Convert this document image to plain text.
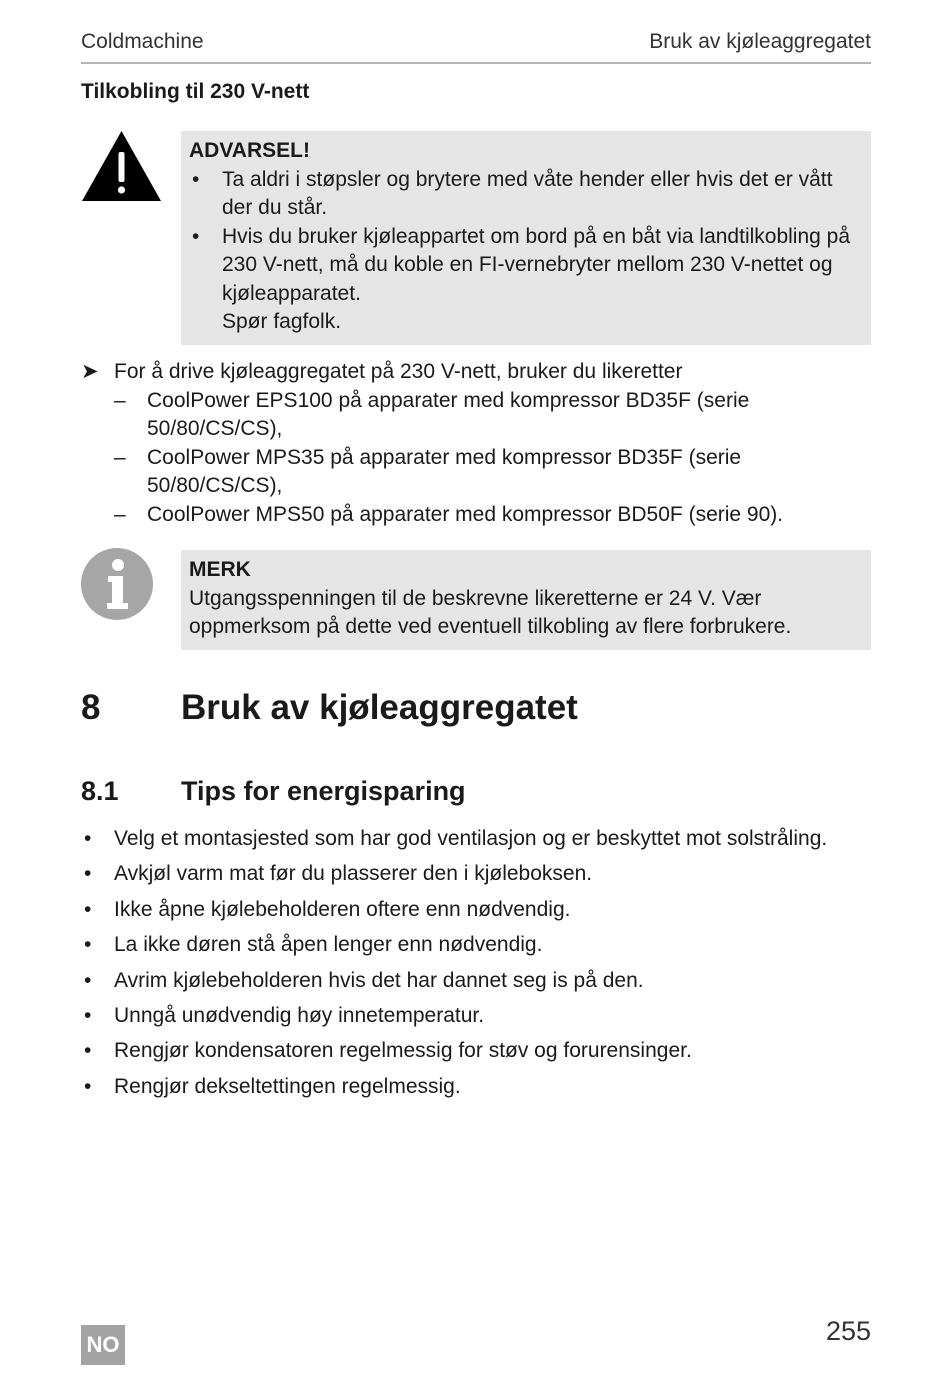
Coldmachine	Bruk av kjøleaggregatet
Tilkobling til 230 V-nett
ADVARSEL!
• Ta aldri i støpsler og brytere med våte hender eller hvis det er vått der du står.
• Hvis du bruker kjøleappartet om bord på en båt via landtilkobling på 230 V-nett, må du koble en FI-vernebryter mellom 230 V-nettet og kjøleapparatet.
Spør fagfolk.
➤ For å drive kjøleaggregatet på 230 V-nett, bruker du likeretter
– CoolPower EPS100 på apparater med kompressor BD35F (serie 50/80/CS/CS),
– CoolPower MPS35 på apparater med kompressor BD35F (serie 50/80/CS/CS),
– CoolPower MPS50 på apparater med kompressor BD50F (serie 90).
MERK
Utgangsspenningen til de beskrevne likeretterne er 24 V. Vær oppmerksom på dette ved eventuell tilkobling av flere forbrukere.
8	Bruk av kjøleaggregatet
8.1	Tips for energisparing
• Velg et montasjested som har god ventilasjon og er beskyttet mot solstråling.
• Avkjøl varm mat før du plasserer den i kjøleboksen.
• Ikke åpne kjølebeholderen oftere enn nødvendig.
• La ikke døren stå åpen lenger enn nødvendig.
• Avrim kjølebeholderen hvis det har dannet seg is på den.
• Unngå unødvendig høy innetemperatur.
• Rengjør kondensatoren regelmessig for støv og forurensinger.
• Rengjør dekseltettingen regelmessig.
255
NO
